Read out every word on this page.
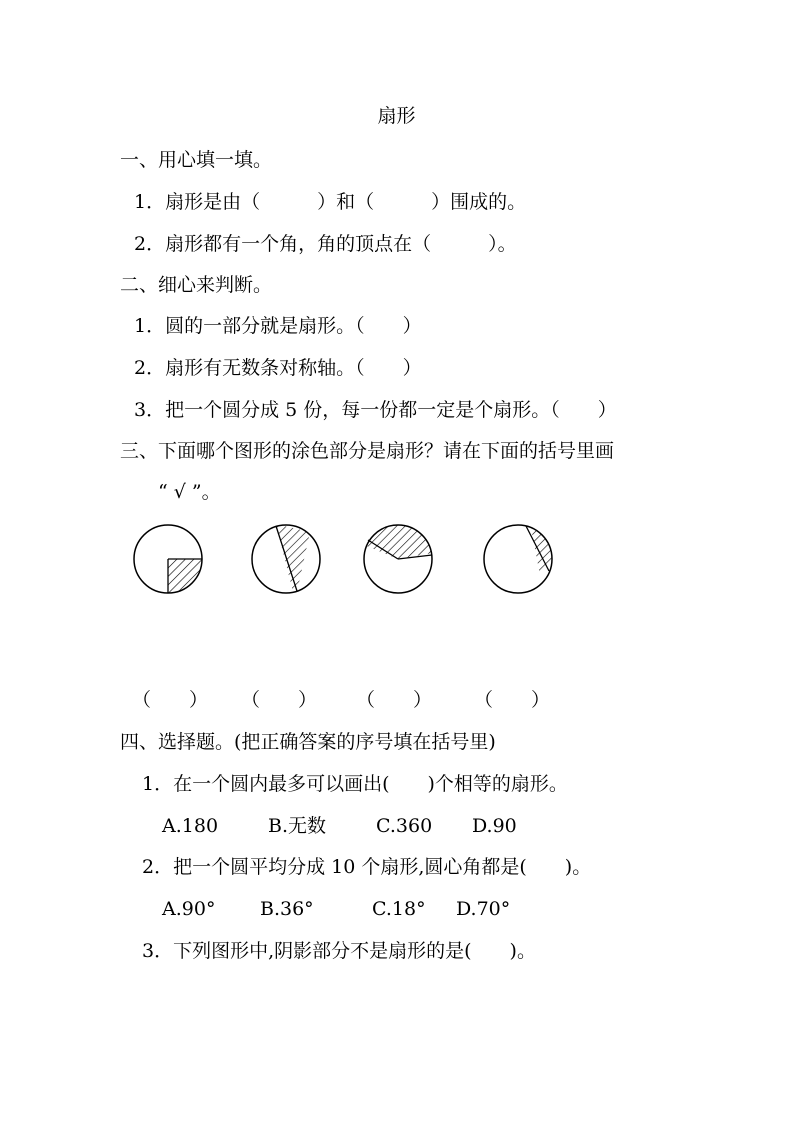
扇形
一、用心填一填。
1．扇形是由（　　　）和（　　　）围成的。
2．扇形都有一个角，角的顶点在（　　　）。
二、细心来判断。
1．圆的一部分就是扇形。（　　）
2．扇形有无数条对称轴。（　　）
3．把一个圆分成 5 份，每一份都一定是个扇形。（　　）
三、下面哪个图形的涂色部分是扇形？请在下面的括号里画
“ √ ”。
（　　） （　　） （　　） （　　）
四、选择题。(把正确答案的序号填在括号里)
1．在一个圆内最多可以画出(　　)个相等的扇形。
A.180	B.无数	C.360 D.90
2．把一个圆平均分成 10 个扇形,圆心角都是(　　)。
A.90° B.36°	C.18° D.70°
3．下列图形中,阴影部分不是扇形的是(　　)。
